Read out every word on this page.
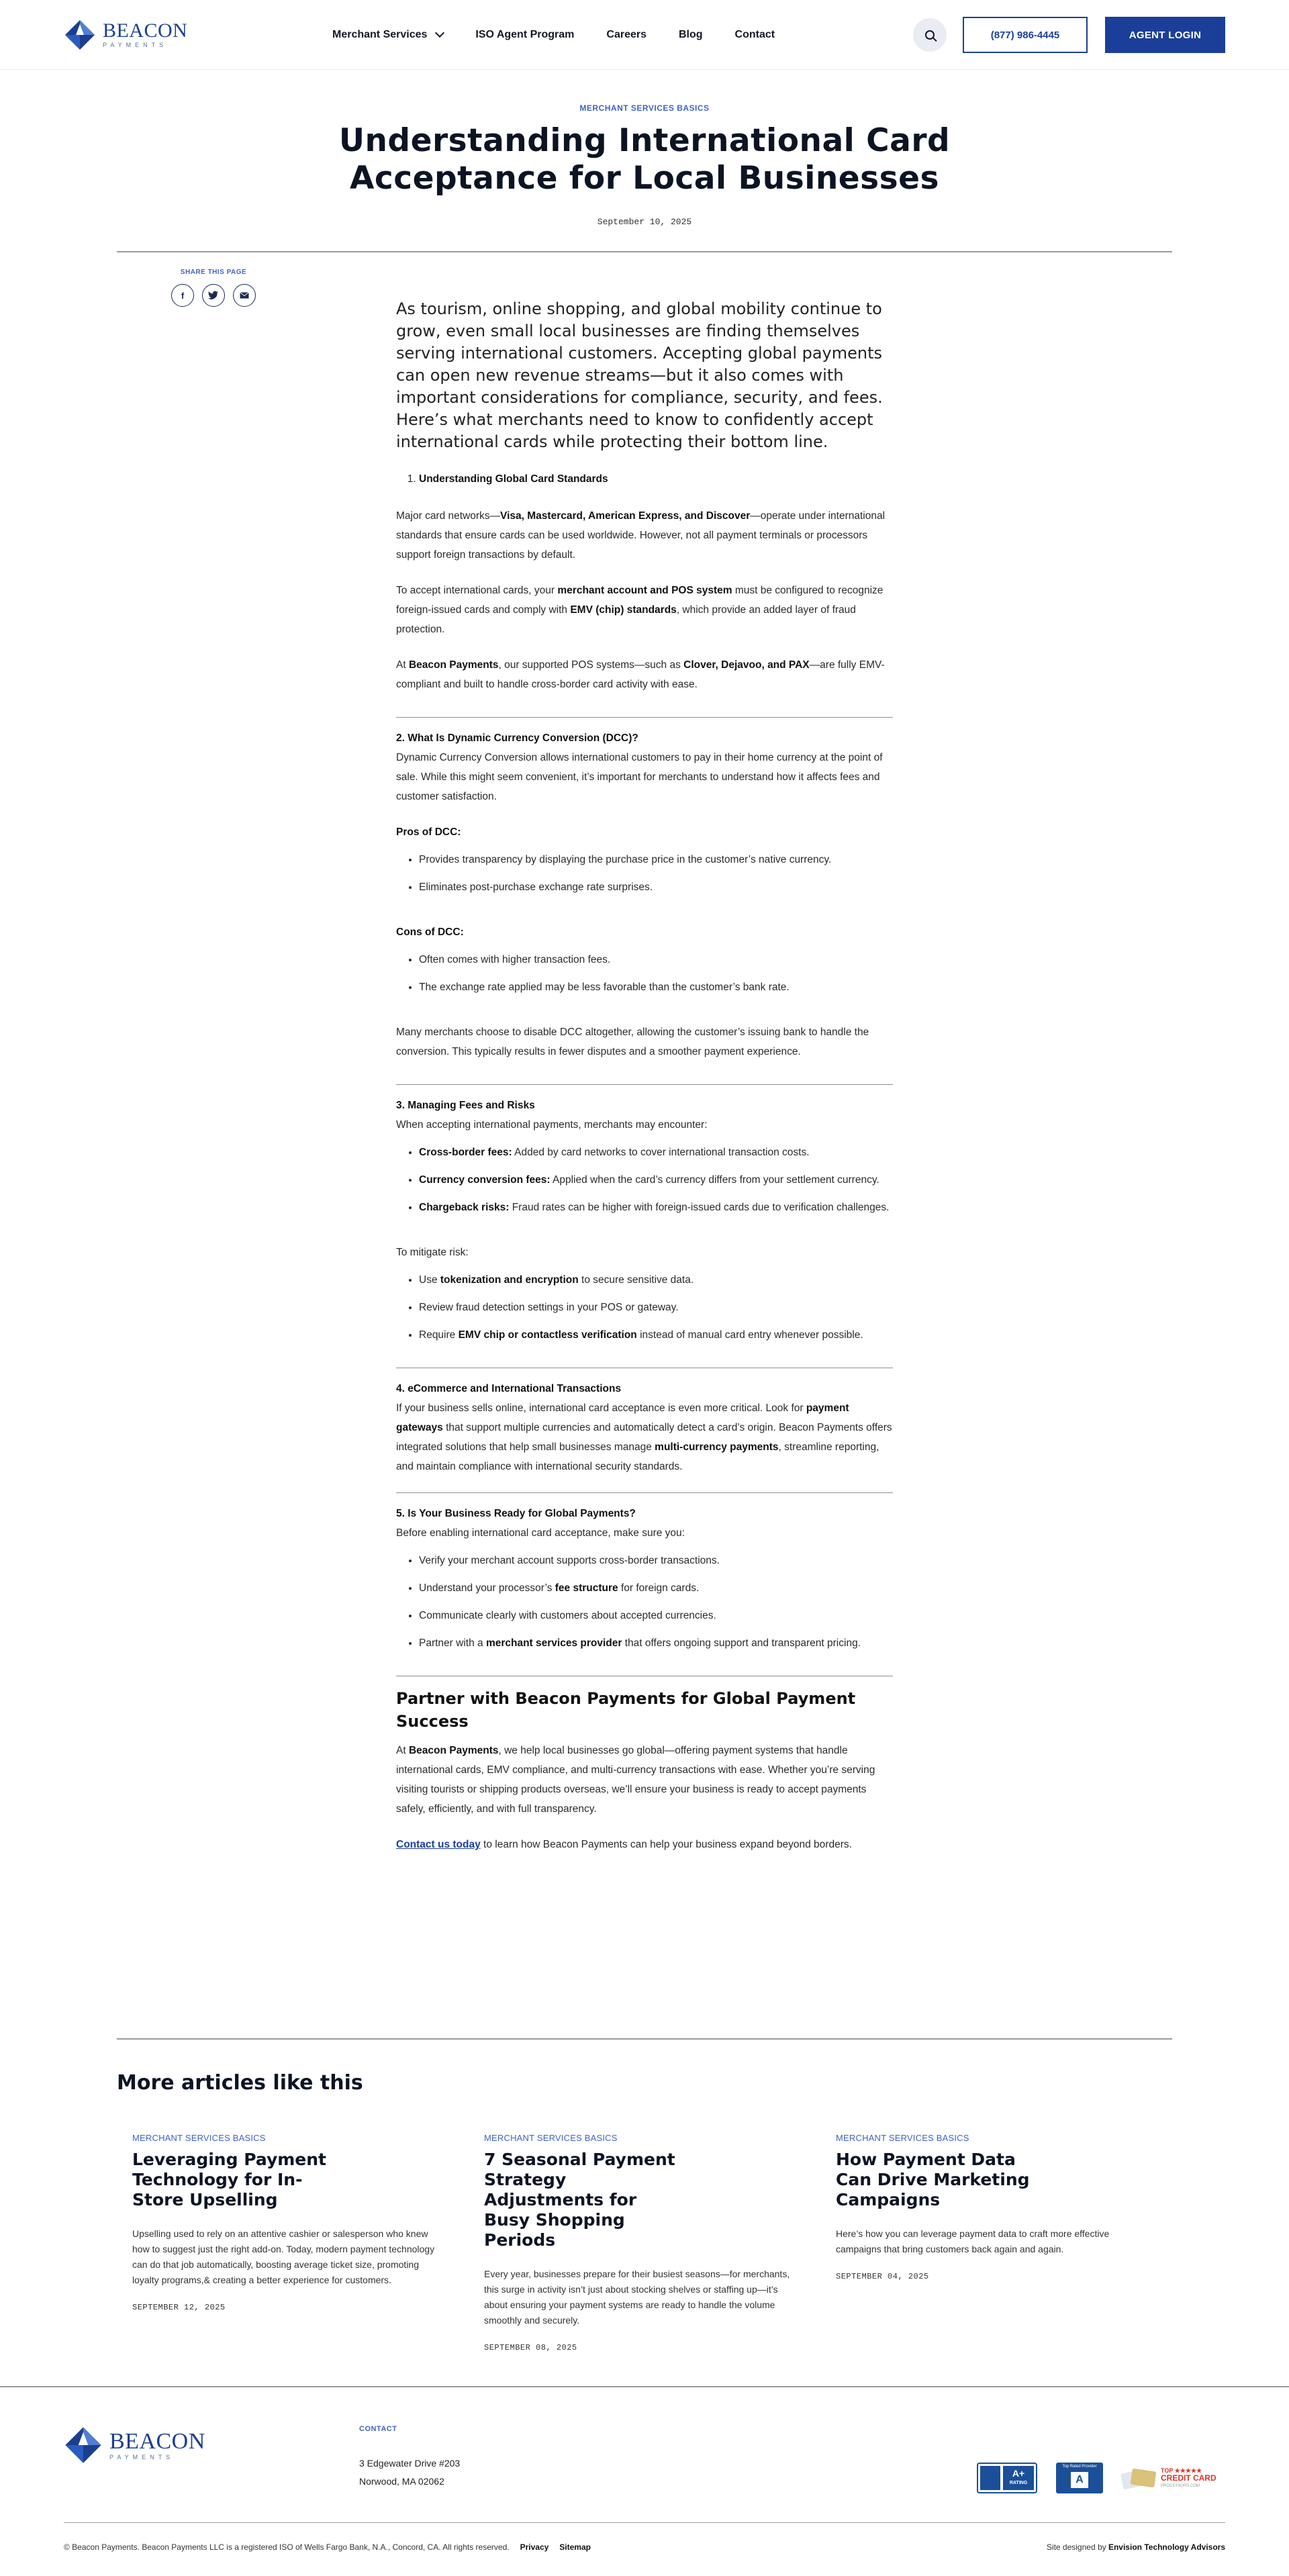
BEACON
PAYMENTS
Merchant Services	ISO Agent Program	Careers	Blog	Contact	(877) 986-4445	AGENT LOGIN
MERCHANT SERVICES BASICS
Understanding International Card Acceptance for Local Businesses
September 10, 2025
SHARE THIS PAGE
f

As tourism, online shopping, and global mobility continue to grow, even small local businesses are finding themselves serving international customers. Accepting global payments can open new revenue streams—but it also comes with important considerations for compliance, security, and fees. Here’s what merchants need to know to confidently accept international cards while protecting their bottom line.

1. Understanding Global Card Standards

Major card networks—Visa, Mastercard, American Express, and Discover—operate under international standards that ensure cards can be used worldwide. However, not all payment terminals or processors support foreign transactions by default.

To accept international cards, your merchant account and POS system must be configured to recognize foreign-issued cards and comply with EMV (chip) standards, which provide an added layer of fraud protection.

At Beacon Payments, our supported POS systems—such as Clover, Dejavoo, and PAX—are fully EMV-compliant and built to handle cross-border card activity with ease.

2. What Is Dynamic Currency Conversion (DCC)?

Dynamic Currency Conversion allows international customers to pay in their home currency at the point of sale. While this might seem convenient, it’s important for merchants to understand how it affects fees and customer satisfaction.

Pros of DCC:

• Provides transparency by displaying the purchase price in the customer’s native currency.
• Eliminates post-purchase exchange rate surprises.

Cons of DCC:

• Often comes with higher transaction fees.
• The exchange rate applied may be less favorable than the customer’s bank rate.

Many merchants choose to disable DCC altogether, allowing the customer’s issuing bank to handle the conversion. This typically results in fewer disputes and a smoother payment experience.

3. Managing Fees and Risks

When accepting international payments, merchants may encounter:

• Cross-border fees: Added by card networks to cover international transaction costs.
• Currency conversion fees: Applied when the card’s currency differs from your settlement currency.
• Chargeback risks: Fraud rates can be higher with foreign-issued cards due to verification challenges.

To mitigate risk:

• Use tokenization and encryption to secure sensitive data.
• Review fraud detection settings in your POS or gateway.
• Require EMV chip or contactless verification instead of manual card entry whenever possible.
4. eCommerce and International Transactions

If your business sells online, international card acceptance is even more critical. Look for payment gateways that support multiple currencies and automatically detect a card’s origin. Beacon Payments offers integrated solutions that help small businesses manage multi-currency payments, streamline reporting, and maintain compliance with international security standards.

5. Is Your Business Ready for Global Payments?

Before enabling international card acceptance, make sure you:

• Verify your merchant account supports cross-border transactions.
• Understand your processor’s fee structure for foreign cards.
• Communicate clearly with customers about accepted currencies.
• Partner with a merchant services provider that offers ongoing support and transparent pricing.
Partner with Beacon Payments for Global Payment Success

At Beacon Payments, we help local businesses go global—offering payment systems that handle international cards, EMV compliance, and multi-currency transactions with ease. Whether you’re serving visiting tourists or shipping products overseas, we’ll ensure your business is ready to accept payments safely, efficiently, and with full transparency.

Contact us today to learn how Beacon Payments can help your business expand beyond borders.

More articles like this
MERCHANT SERVICES BASICS
Leveraging Payment Technology for In-Store Upselling
Upselling used to rely on an attentive cashier or salesperson who knew how to suggest just the right add-on. Today, modern payment technology can do that job automatically, boosting average ticket size, promoting loyalty programs,& creating a better experience for customers.
SEPTEMBER 12, 2025
MERCHANT SERVICES BASICS
7 Seasonal Payment Strategy Adjustments for Busy Shopping Periods
Every year, businesses prepare for their busiest seasons—for merchants, this surge in activity isn’t just about stocking shelves or staffing up—it’s about ensuring your payment systems are ready to handle the volume smoothly and securely.
SEPTEMBER 08, 2025
MERCHANT SERVICES BASICS
How Payment Data Can Drive Marketing Campaigns
Here’s how you can leverage payment data to craft more effective campaigns that bring customers back again and again.
SEPTEMBER 04, 2025
BEACON
PAYMENTS
CONTACT
3 Edgewater Drive #203
Norwood, MA 02062
A+
RATING
Top Rated Provider
A
TOP ★★★★★
CREDIT CARD
PROCESSORS.COM
© Beacon Payments. Beacon Payments LLC is a registered ISO of Wells Fargo Bank, N.A., Concord, CA. All rights reserved. Privacy Sitemap	Site designed by Envision Technology Advisors
